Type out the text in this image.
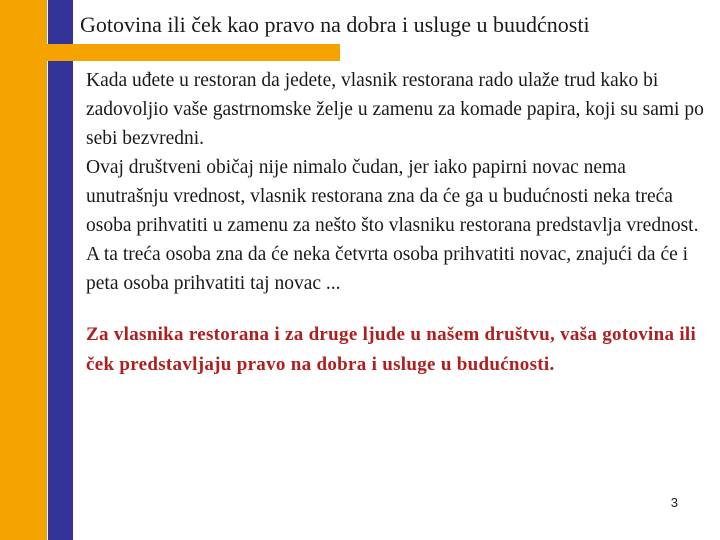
Gotovina ili ček kao pravo na dobra i usluge u buudćnosti

Kada uđete u restoran da jedete, vlasnik restorana rado ulaže trud kako bi zadovoljio vaše gastrnomske želje u zamenu za komade papira, koji su sami po sebi bezvredni.

Ovaj društveni običaj nije nimalo čudan, jer iako papirni novac nema unutrašnju vrednost, vlasnik restorana zna da će ga u budućnosti neka treća osoba prihvatiti u zamenu za nešto što vlasniku restorana predstavlja vrednost. A ta treća osoba zna da će neka četvrta osoba prihvatiti novac, znajući da će i peta osoba prihvatiti taj novac ...

Za vlasnika restorana i za druge ljude u našem društvu, vaša gotovina ili ček predstavljaju pravo na dobra i usluge u budućnosti.

3
